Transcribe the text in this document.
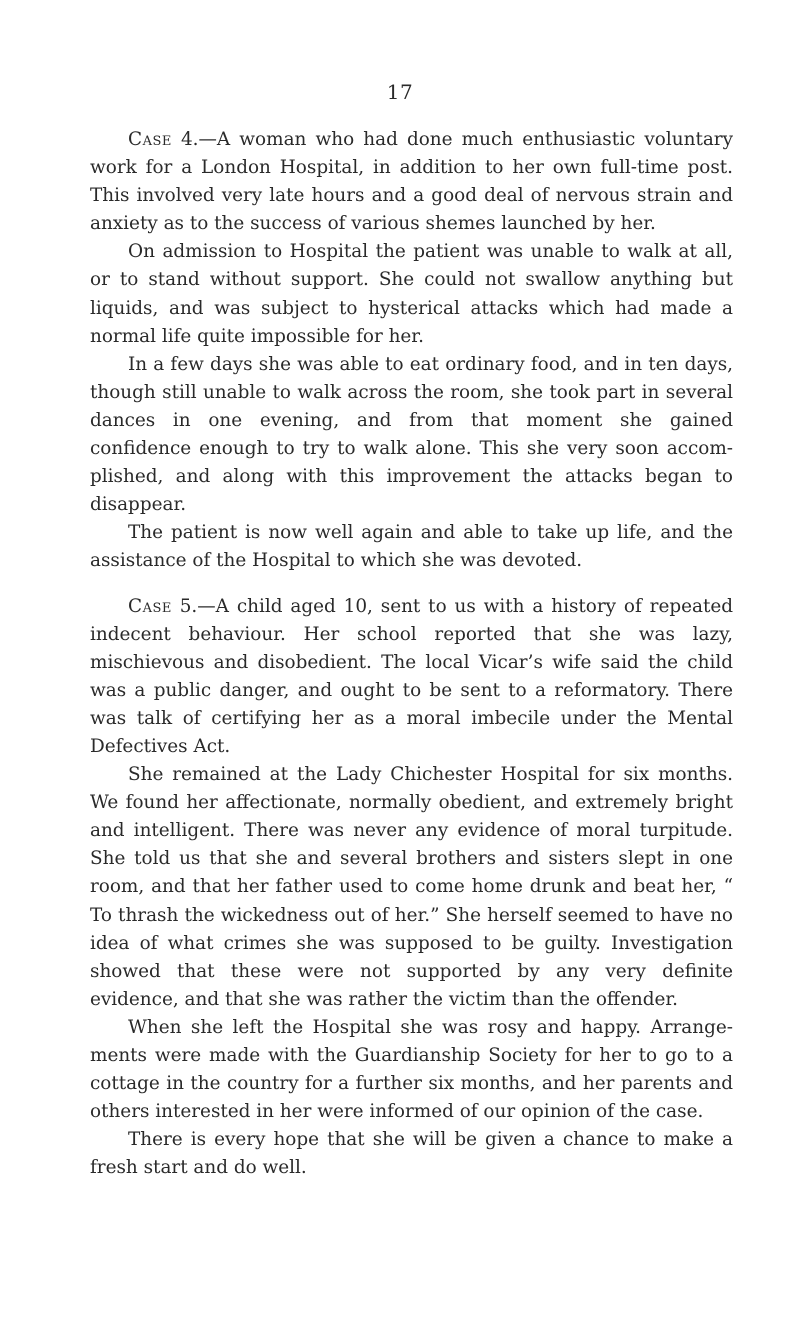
17

Case 4.—A woman who had done much enthusiastic voluntary work for a London Hospital, in addition to her own full-time post. This involved very late hours and a good deal of nervous strain and anxiety as to the success of various shemes launched by her.

On admission to Hospital the patient was unable to walk at all, or to stand without support. She could not swallow anything but liquids, and was subject to hysterical attacks which had made a normal life quite impossible for her.

In a few days she was able to eat ordinary food, and in ten days, though still unable to walk across the room, she took part in several dances in one evening, and from that moment she gained confidence enough to try to walk alone. This she very soon accomplished, and along with this improvement the attacks began to disappear.

The patient is now well again and able to take up life, and the assistance of the Hospital to which she was devoted.

Case 5.—A child aged 10, sent to us with a history of repeated indecent behaviour. Her school reported that she was lazy, mischievous and disobedient. The local Vicar’s wife said the child was a public danger, and ought to be sent to a reformatory. There was talk of certifying her as a moral imbecile under the Mental Defectives Act.

She remained at the Lady Chichester Hospital for six months. We found her affectionate, normally obedient, and extremely bright and intelligent. There was never any evidence of moral turpitude. She told us that she and several brothers and sisters slept in one room, and that her father used to come home drunk and beat her, “ To thrash the wickedness out of her.” She herself seemed to have no idea of what crimes she was supposed to be guilty. Investigation showed that these were not supported by any very definite evidence, and that she was rather the victim than the offender.

When she left the Hospital she was rosy and happy. Arrangements were made with the Guardianship Society for her to go to a cottage in the country for a further six months, and her parents and others interested in her were informed of our opinion of the case.

There is every hope that she will be given a chance to make a fresh start and do well.
